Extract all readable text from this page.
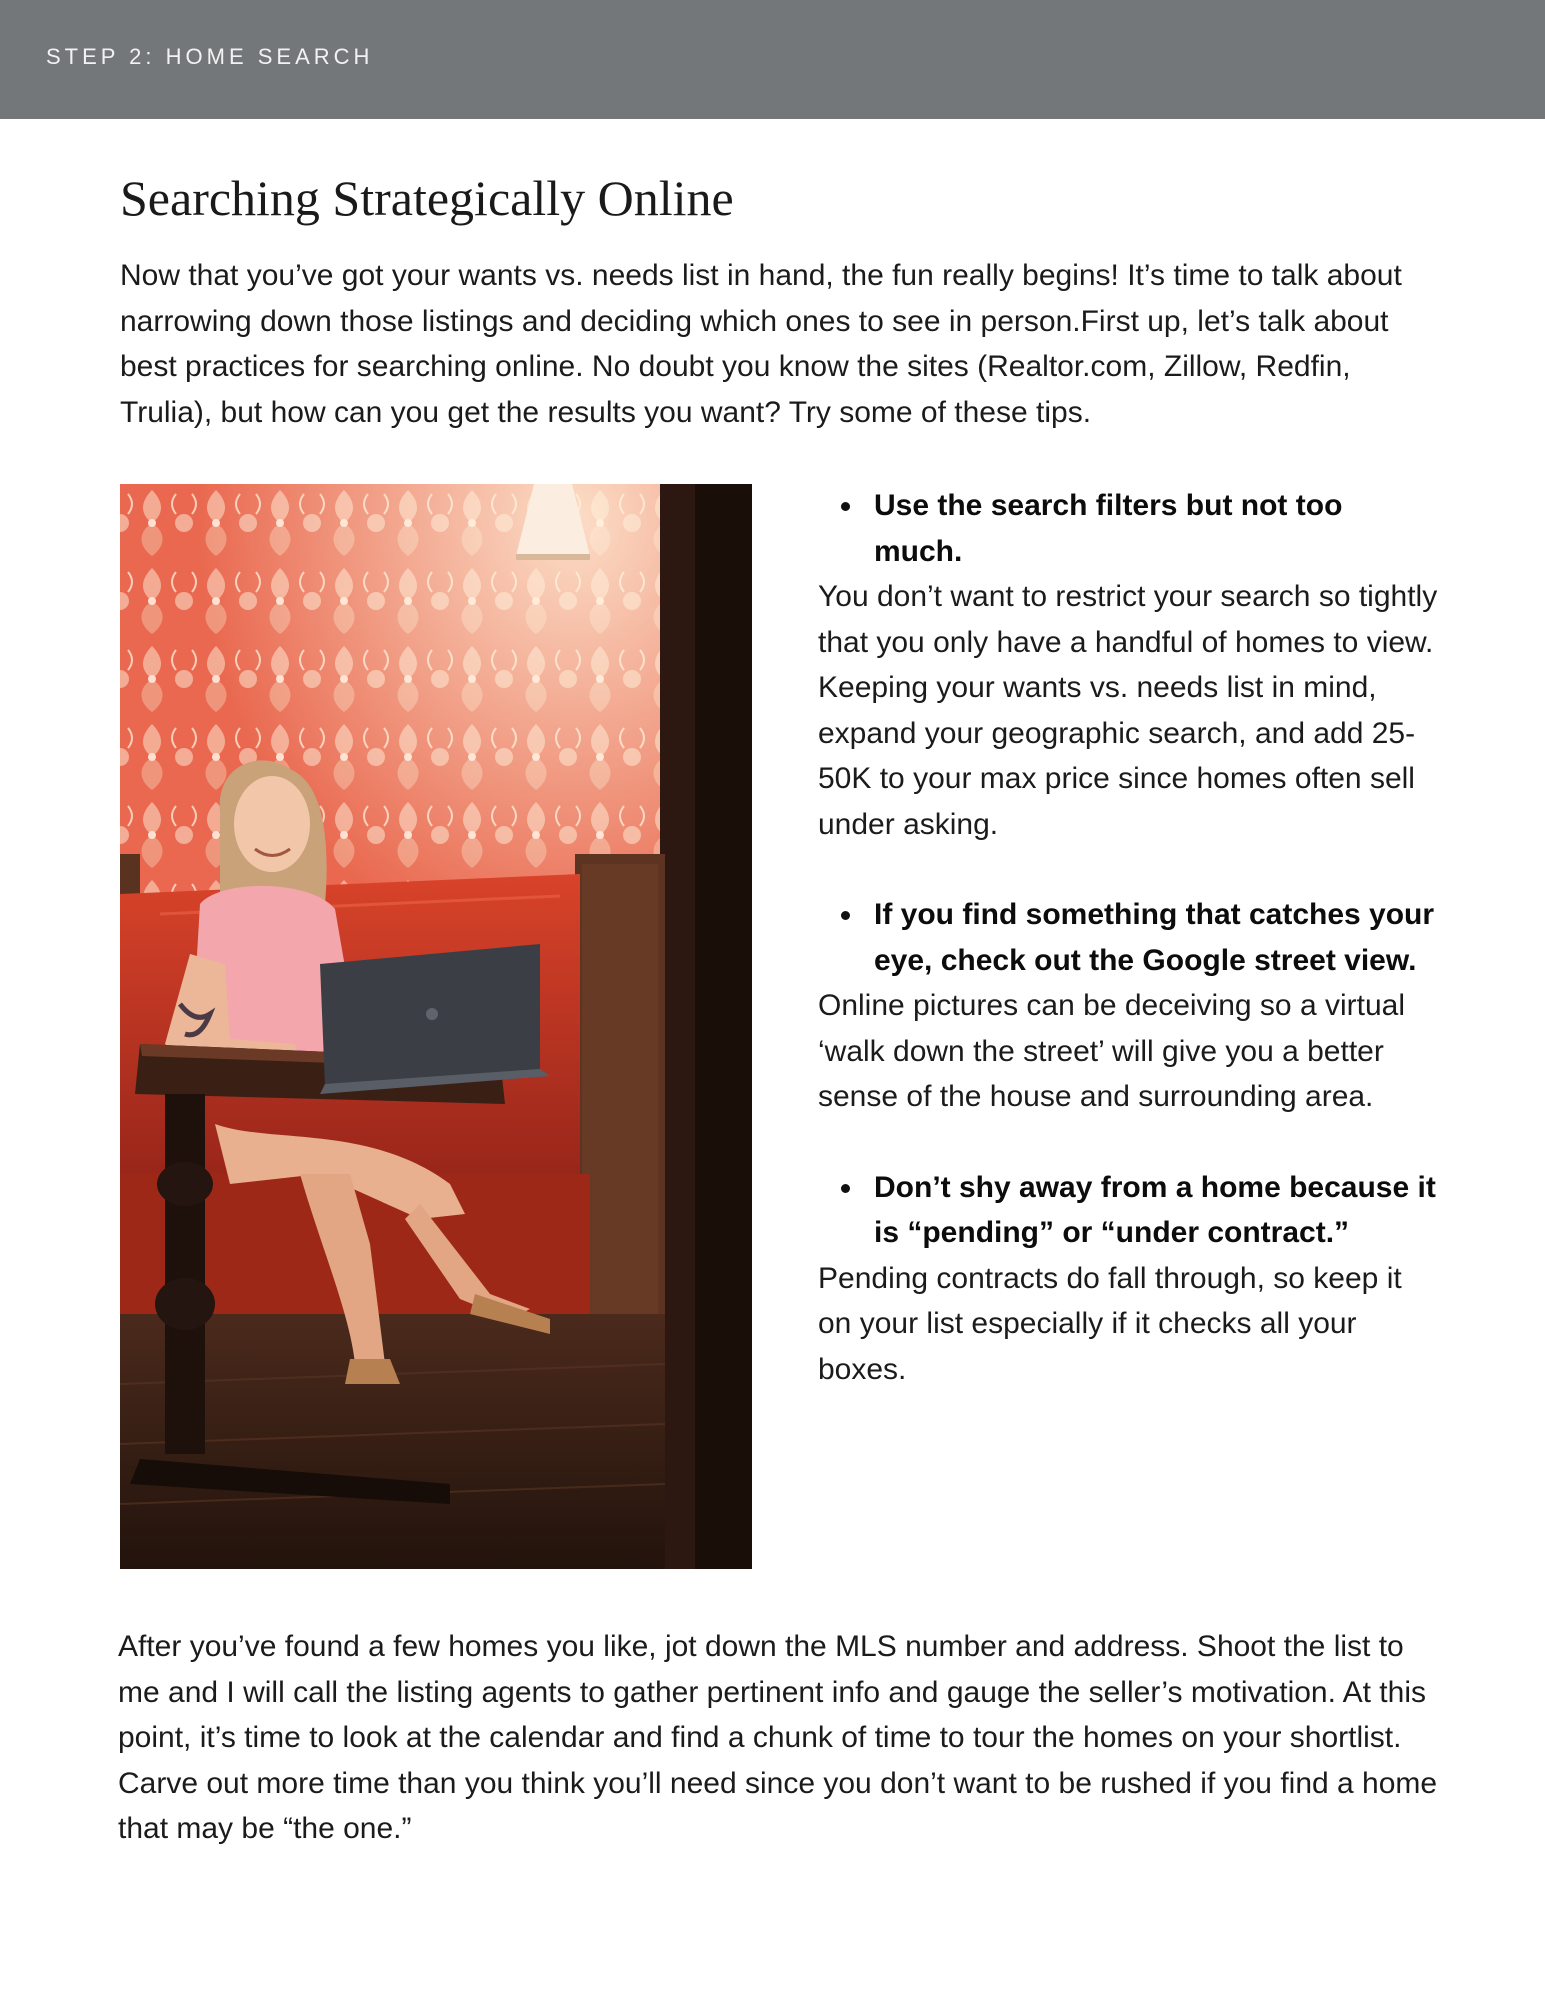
STEP 2: HOME SEARCH
Searching Strategically Online

Now that you’ve got your wants vs. needs list in hand, the fun really begins! It’s time to talk about narrowing down those listings and deciding which ones to see in person.First up, let’s talk about best practices for searching online. No doubt you know the sites (Realtor.com, Zillow, Redfin, Trulia), but how can you get the results you want? Try some of these tips.

Use the search filters but not too much.

You don’t want to restrict your search so tightly that you only have a handful of homes to view. Keeping your wants vs. needs list in mind, expand your geographic search, and add 25-50K to your max price since homes often sell under asking.

If you find something that catches your eye, check out the Google street view.

Online pictures can be deceiving so a virtual ‘walk down the street’ will give you a better sense of the house and surrounding area.

Don’t shy away from a home because it is “pending” or “under contract.”

Pending contracts do fall through, so keep it on your list especially if it checks all your boxes.

After you’ve found a few homes you like, jot down the MLS number and address. Shoot the list to me and I will call the listing agents to gather pertinent info and gauge the seller’s motivation. At this point, it’s time to look at the calendar and find a chunk of time to tour the homes on your shortlist. Carve out more time than you think you’ll need since you don’t want to be rushed if you find a home that may be “the one.”
